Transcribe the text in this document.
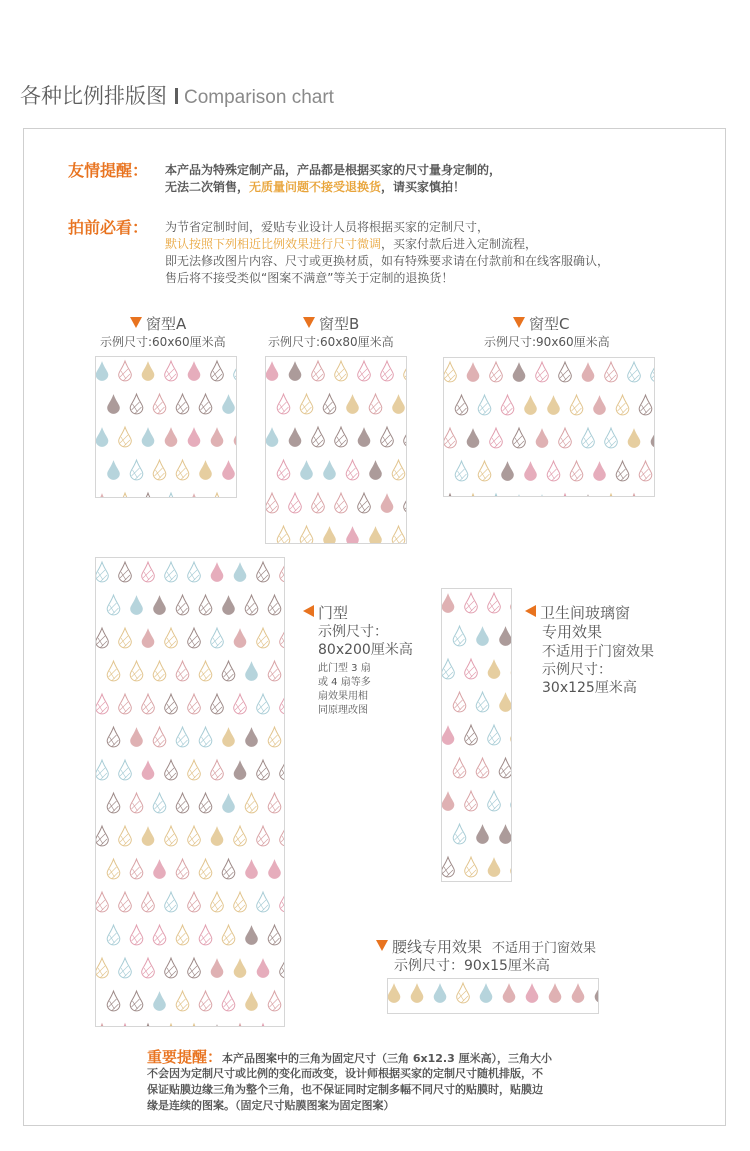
各种比例排版图 Comparison chart
友情提醒： 本产品为特殊定制产品，产品都是根据买家的尺寸量身定制的，
无法二次销售，无质量问题不接受退换货，请买家慎拍！
拍前必看： 为节省定制时间，爱贴专业设计人员将根据买家的定制尺寸，
默认按照下列相近比例效果进行尺寸微调，买家付款后进入定制流程，
即无法修改图片内容、尺寸或更换材质，如有特殊要求请在付款前和在线客服确认，
售后将不接受类似“图案不满意”等关于定制的退换货！
窗型A
示例尺寸:60x60厘米高
窗型B
示例尺寸:60x80厘米高
窗型C
示例尺寸:90x60厘米高
门型
示例尺寸：
80x200厘米高
此门型 3 扇
或 4 扇等多
扇效果用相
同原理改图
卫生间玻璃窗
专用效果
不适用于门窗效果
示例尺寸：
30x125厘米高
腰线专用效果 不适用于门窗效果
示例尺寸：90x15厘米高
重要提醒：本产品图案中的三角为固定尺寸（三角 6x12.3 厘米高），三角大小
不会因为定制尺寸或比例的变化而改变，设计师根据买家的定制尺寸随机排版，不
保证贴膜边缘三角为整个三角，也不保证同时定制多幅不同尺寸的贴膜时，贴膜边
缘是连续的图案。（固定尺寸贴膜图案为固定图案）
